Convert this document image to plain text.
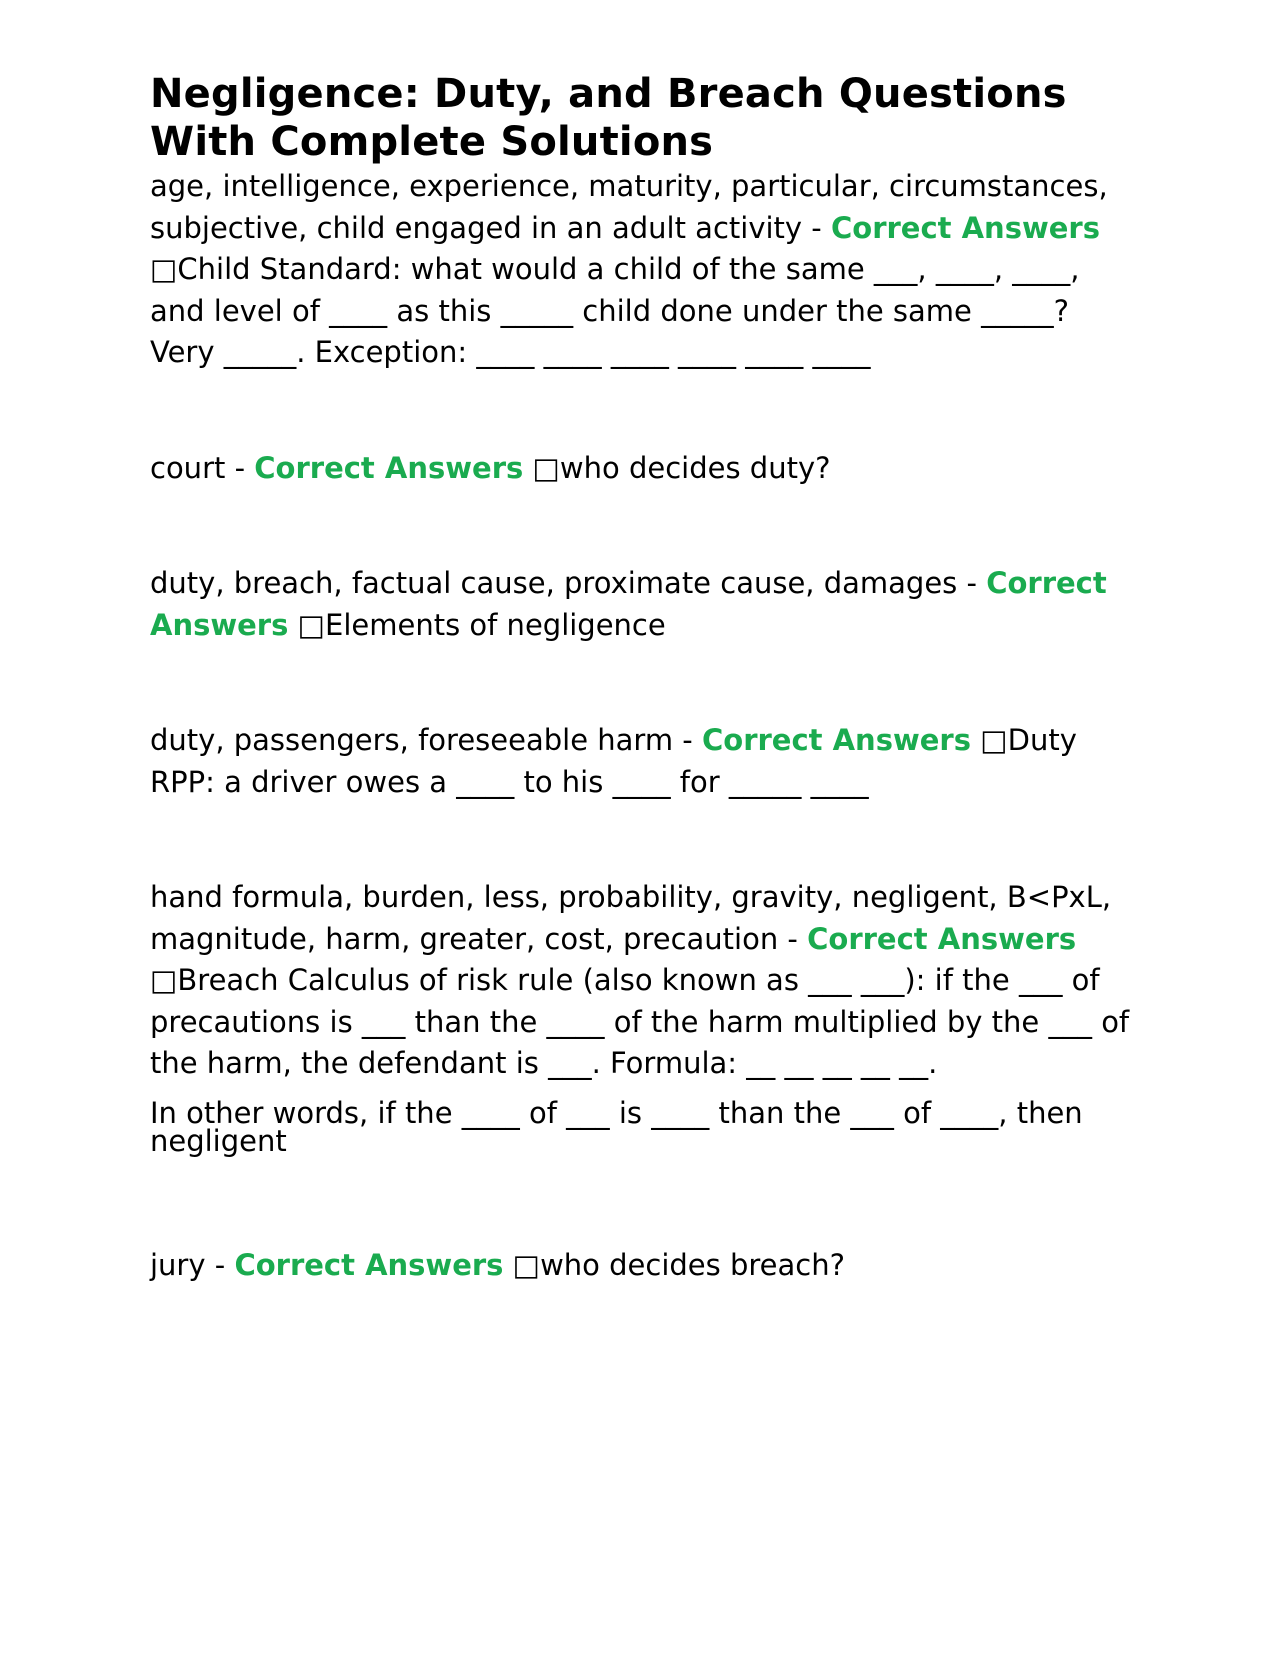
Negligence: Duty, and Breach Questions With Complete Solutions

age, intelligence, experience, maturity, particular, circumstances, subjective, child engaged in an adult activity - Correct Answers □Child Standard: what would a child of the same ___, ____, ____, and level of ____ as this _____ child done under the same _____? Very _____. Exception: ____ ____ ____ ____ ____ ____

court - Correct Answers □who decides duty?

duty, breach, factual cause, proximate cause, damages - Correct Answers □Elements of negligence

duty, passengers, foreseeable harm - Correct Answers □Duty RPP: a driver owes a ____ to his ____ for _____ ____

hand formula, burden, less, probability, gravity, negligent, B<PxL, magnitude, harm, greater, cost, precaution - Correct Answers □Breach Calculus of risk rule (also known as ___ ___): if the ___ of precautions is ___ than the ____ of the harm multiplied by the ___ of the harm, the defendant is ___. Formula: __ __ __ __ __.

In other words, if the ____ of ___ is ____ than the ___ of ____, then negligent

jury - Correct Answers □who decides breach?
